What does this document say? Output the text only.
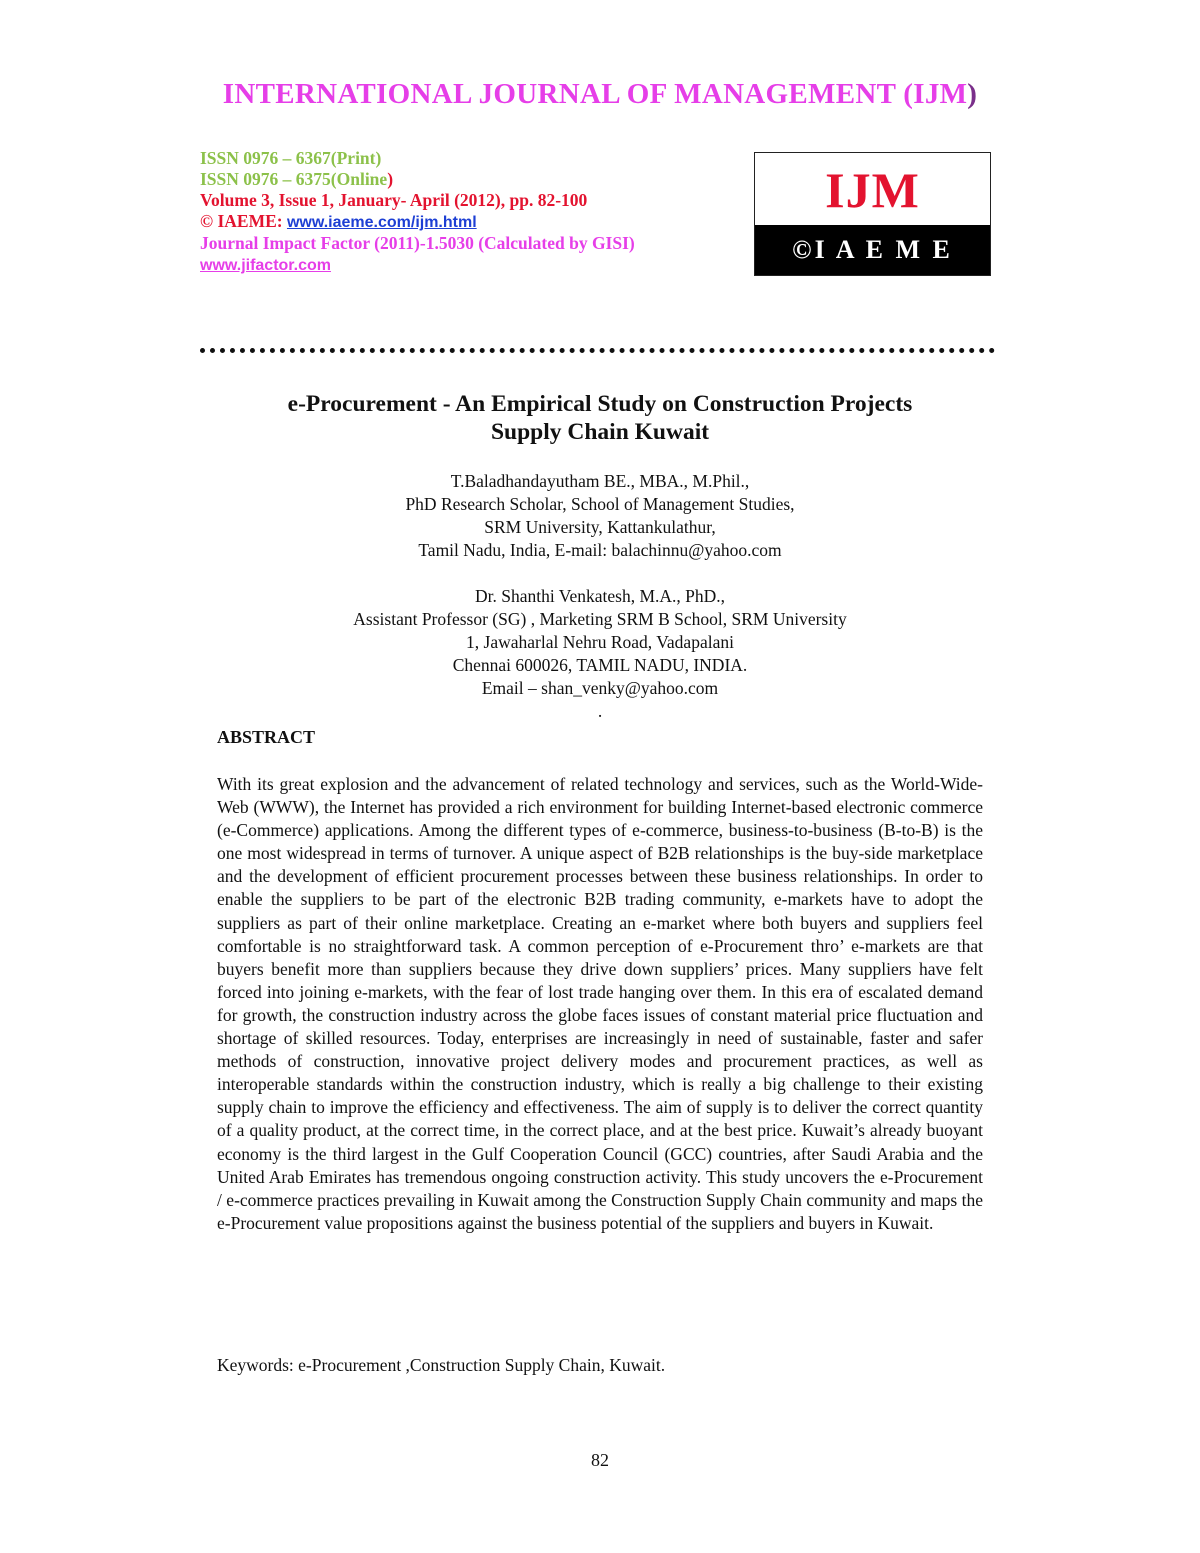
INTERNATIONAL JOURNAL OF MANAGEMENT (IJM)
ISSN 0976 – 6367(Print)
ISSN 0976 – 6375(Online)
Volume 3, Issue 1, January- April (2012), pp. 82-100
© IAEME: www.iaeme.com/ijm.html
Journal Impact Factor (2011)-1.5030 (Calculated by GISI)
www.jifactor.com
IJM
©I A E M E
e-Procurement - An Empirical Study on Construction Projects
Supply Chain Kuwait
T.Baladhandayutham BE., MBA., M.Phil.,
PhD Research Scholar, School of Management Studies,
SRM University, Kattankulathur,
Tamil Nadu, India, E-mail: balachinnu@yahoo.com
Dr. Shanthi Venkatesh, M.A., PhD.,
Assistant Professor (SG) , Marketing SRM B School, SRM University
1, Jawaharlal Nehru Road, Vadapalani
Chennai 600026, TAMIL NADU, INDIA.
Email – shan_venky@yahoo.com
.
ABSTRACT
With its great explosion and the advancement of related technology and services, such as the World-Wide-Web (WWW), the Internet has provided a rich environment for building Internet-based electronic commerce (e-Commerce) applications. Among the different types of e-commerce, business-to-business (B-to-B) is the one most widespread in terms of turnover. A unique aspect of B2B relationships is the buy-side marketplace and the development of efficient procurement processes between these business relationships. In order to enable the suppliers to be part of the electronic B2B trading community, e-markets have to adopt the suppliers as part of their online marketplace. Creating an e-market where both buyers and suppliers feel comfortable is no straightforward task. A common perception of e-Procurement thro’ e-markets are that buyers benefit more than suppliers because they drive down suppliers’ prices. Many suppliers have felt forced into joining e-markets, with the fear of lost trade hanging over them. In this era of escalated demand for growth, the construction industry across the globe faces issues of constant material price fluctuation and shortage of skilled resources. Today, enterprises are increasingly in need of sustainable, faster and safer methods of construction, innovative project delivery modes and procurement practices, as well as interoperable standards within the construction industry, which is really a big challenge to their existing supply chain to improve the efficiency and effectiveness. The aim of supply is to deliver the correct quantity of a quality product, at the correct time, in the correct place, and at the best price. Kuwait’s already buoyant economy is the third largest in the Gulf Cooperation Council (GCC) countries, after Saudi Arabia and the United Arab Emirates has tremendous ongoing construction activity. This study uncovers the e-Procurement / e-commerce practices prevailing in Kuwait among the Construction Supply Chain community and maps the e-Procurement value propositions against the business potential of the suppliers and buyers in Kuwait.
Keywords: e-Procurement ,Construction Supply Chain, Kuwait.
82
